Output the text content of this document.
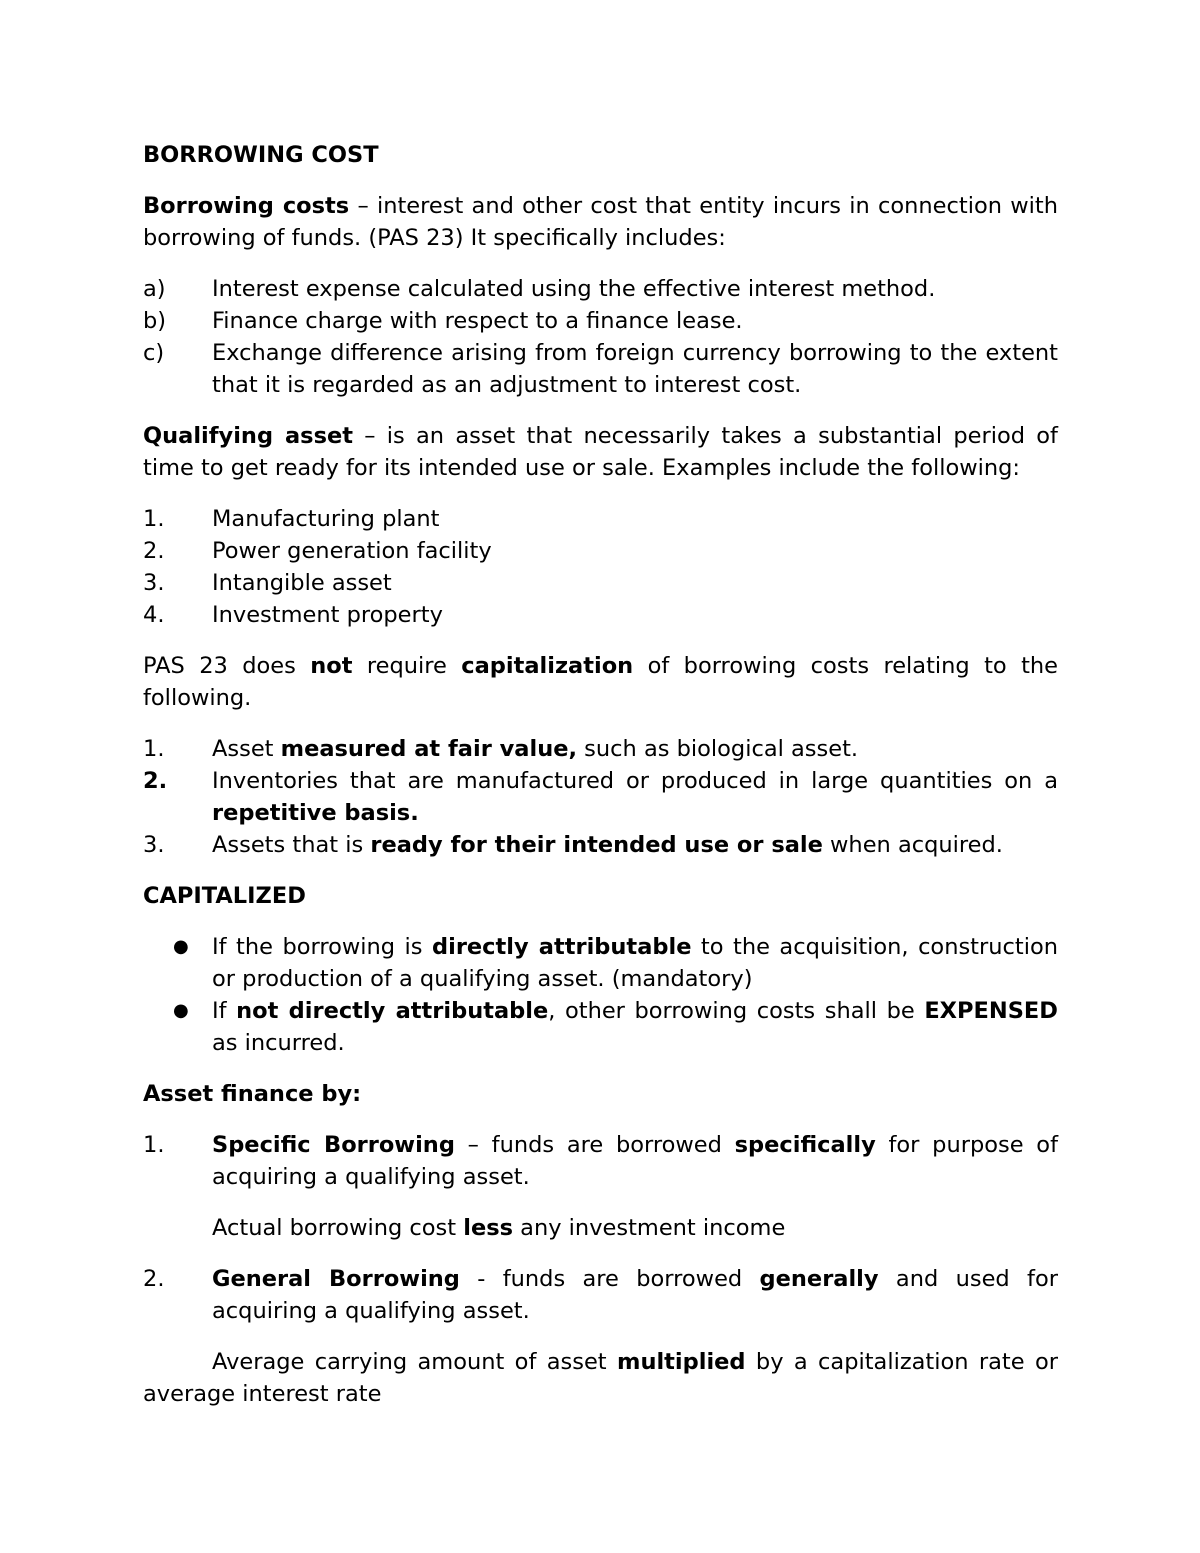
BORROWING COST

Borrowing costs – interest and other cost that entity incurs in connection with borrowing of funds. (PAS 23) It specifically includes:

a)	Interest expense calculated using the effective interest method.
b)	Finance charge with respect to a finance lease.
c)	Exchange difference arising from foreign currency borrowing to the extent that it is regarded as an adjustment to interest cost.

Qualifying asset – is an asset that necessarily takes a substantial period of time to get ready for its intended use or sale. Examples include the following:

1.	Manufacturing plant
2.	Power generation facility
3.	Intangible asset
4.	Investment property

PAS 23 does not require capitalization of borrowing costs relating to the following.

1.	Asset measured at fair value, such as biological asset.
2.	Inventories that are manufactured or produced in large quantities on a repetitive basis.
3.	Assets that is ready for their intended use or sale when acquired.

CAPITALIZED

● If the borrowing is directly attributable to the acquisition, construction or production of a qualifying asset. (mandatory)
● If not directly attributable, other borrowing costs shall be EXPENSED as incurred.

Asset finance by:

1.	Specific Borrowing – funds are borrowed specifically for purpose of acquiring a qualifying asset.

Actual borrowing cost less any investment income

2.	General Borrowing - funds are borrowed generally and used for acquiring a qualifying asset.

Average carrying amount of asset multiplied by a capitalization rate or average interest rate
